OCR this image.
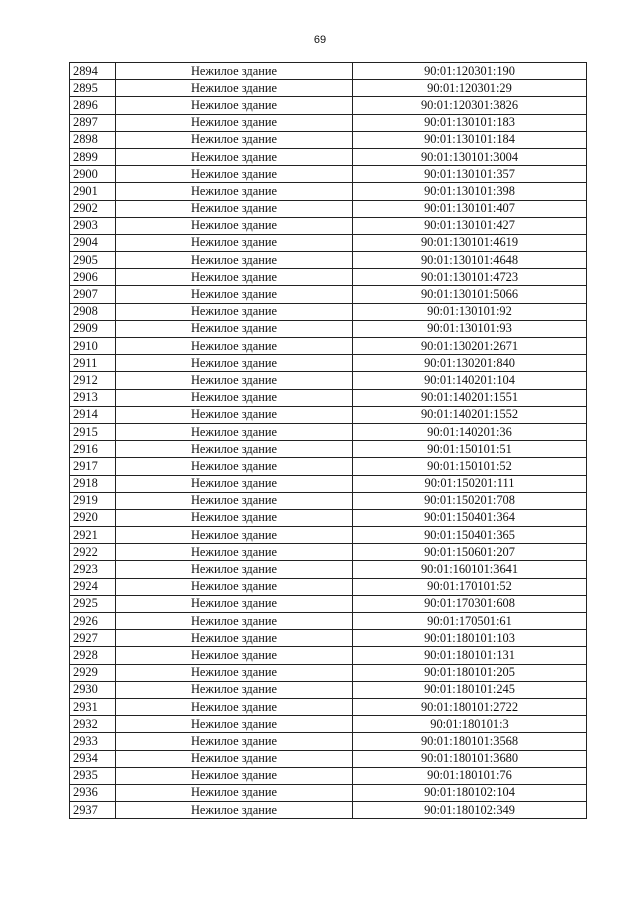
69
2894	Нежилое здание	90:01:120301:190
2895	Нежилое здание	90:01:120301:29
2896	Нежилое здание	90:01:120301:3826
2897	Нежилое здание	90:01:130101:183
2898	Нежилое здание	90:01:130101:184
2899	Нежилое здание	90:01:130101:3004
2900	Нежилое здание	90:01:130101:357
2901	Нежилое здание	90:01:130101:398
2902	Нежилое здание	90:01:130101:407
2903	Нежилое здание	90:01:130101:427
2904	Нежилое здание	90:01:130101:4619
2905	Нежилое здание	90:01:130101:4648
2906	Нежилое здание	90:01:130101:4723
2907	Нежилое здание	90:01:130101:5066
2908	Нежилое здание	90:01:130101:92
2909	Нежилое здание	90:01:130101:93
2910	Нежилое здание	90:01:130201:2671
2911	Нежилое здание	90:01:130201:840
2912	Нежилое здание	90:01:140201:104
2913	Нежилое здание	90:01:140201:1551
2914	Нежилое здание	90:01:140201:1552
2915	Нежилое здание	90:01:140201:36
2916	Нежилое здание	90:01:150101:51
2917	Нежилое здание	90:01:150101:52
2918	Нежилое здание	90:01:150201:111
2919	Нежилое здание	90:01:150201:708
2920	Нежилое здание	90:01:150401:364
2921	Нежилое здание	90:01:150401:365
2922	Нежилое здание	90:01:150601:207
2923	Нежилое здание	90:01:160101:3641
2924	Нежилое здание	90:01:170101:52
2925	Нежилое здание	90:01:170301:608
2926	Нежилое здание	90:01:170501:61
2927	Нежилое здание	90:01:180101:103
2928	Нежилое здание	90:01:180101:131
2929	Нежилое здание	90:01:180101:205
2930	Нежилое здание	90:01:180101:245
2931	Нежилое здание	90:01:180101:2722
2932	Нежилое здание	90:01:180101:3
2933	Нежилое здание	90:01:180101:3568
2934	Нежилое здание	90:01:180101:3680
2935	Нежилое здание	90:01:180101:76
2936	Нежилое здание	90:01:180102:104
2937	Нежилое здание	90:01:180102:349
